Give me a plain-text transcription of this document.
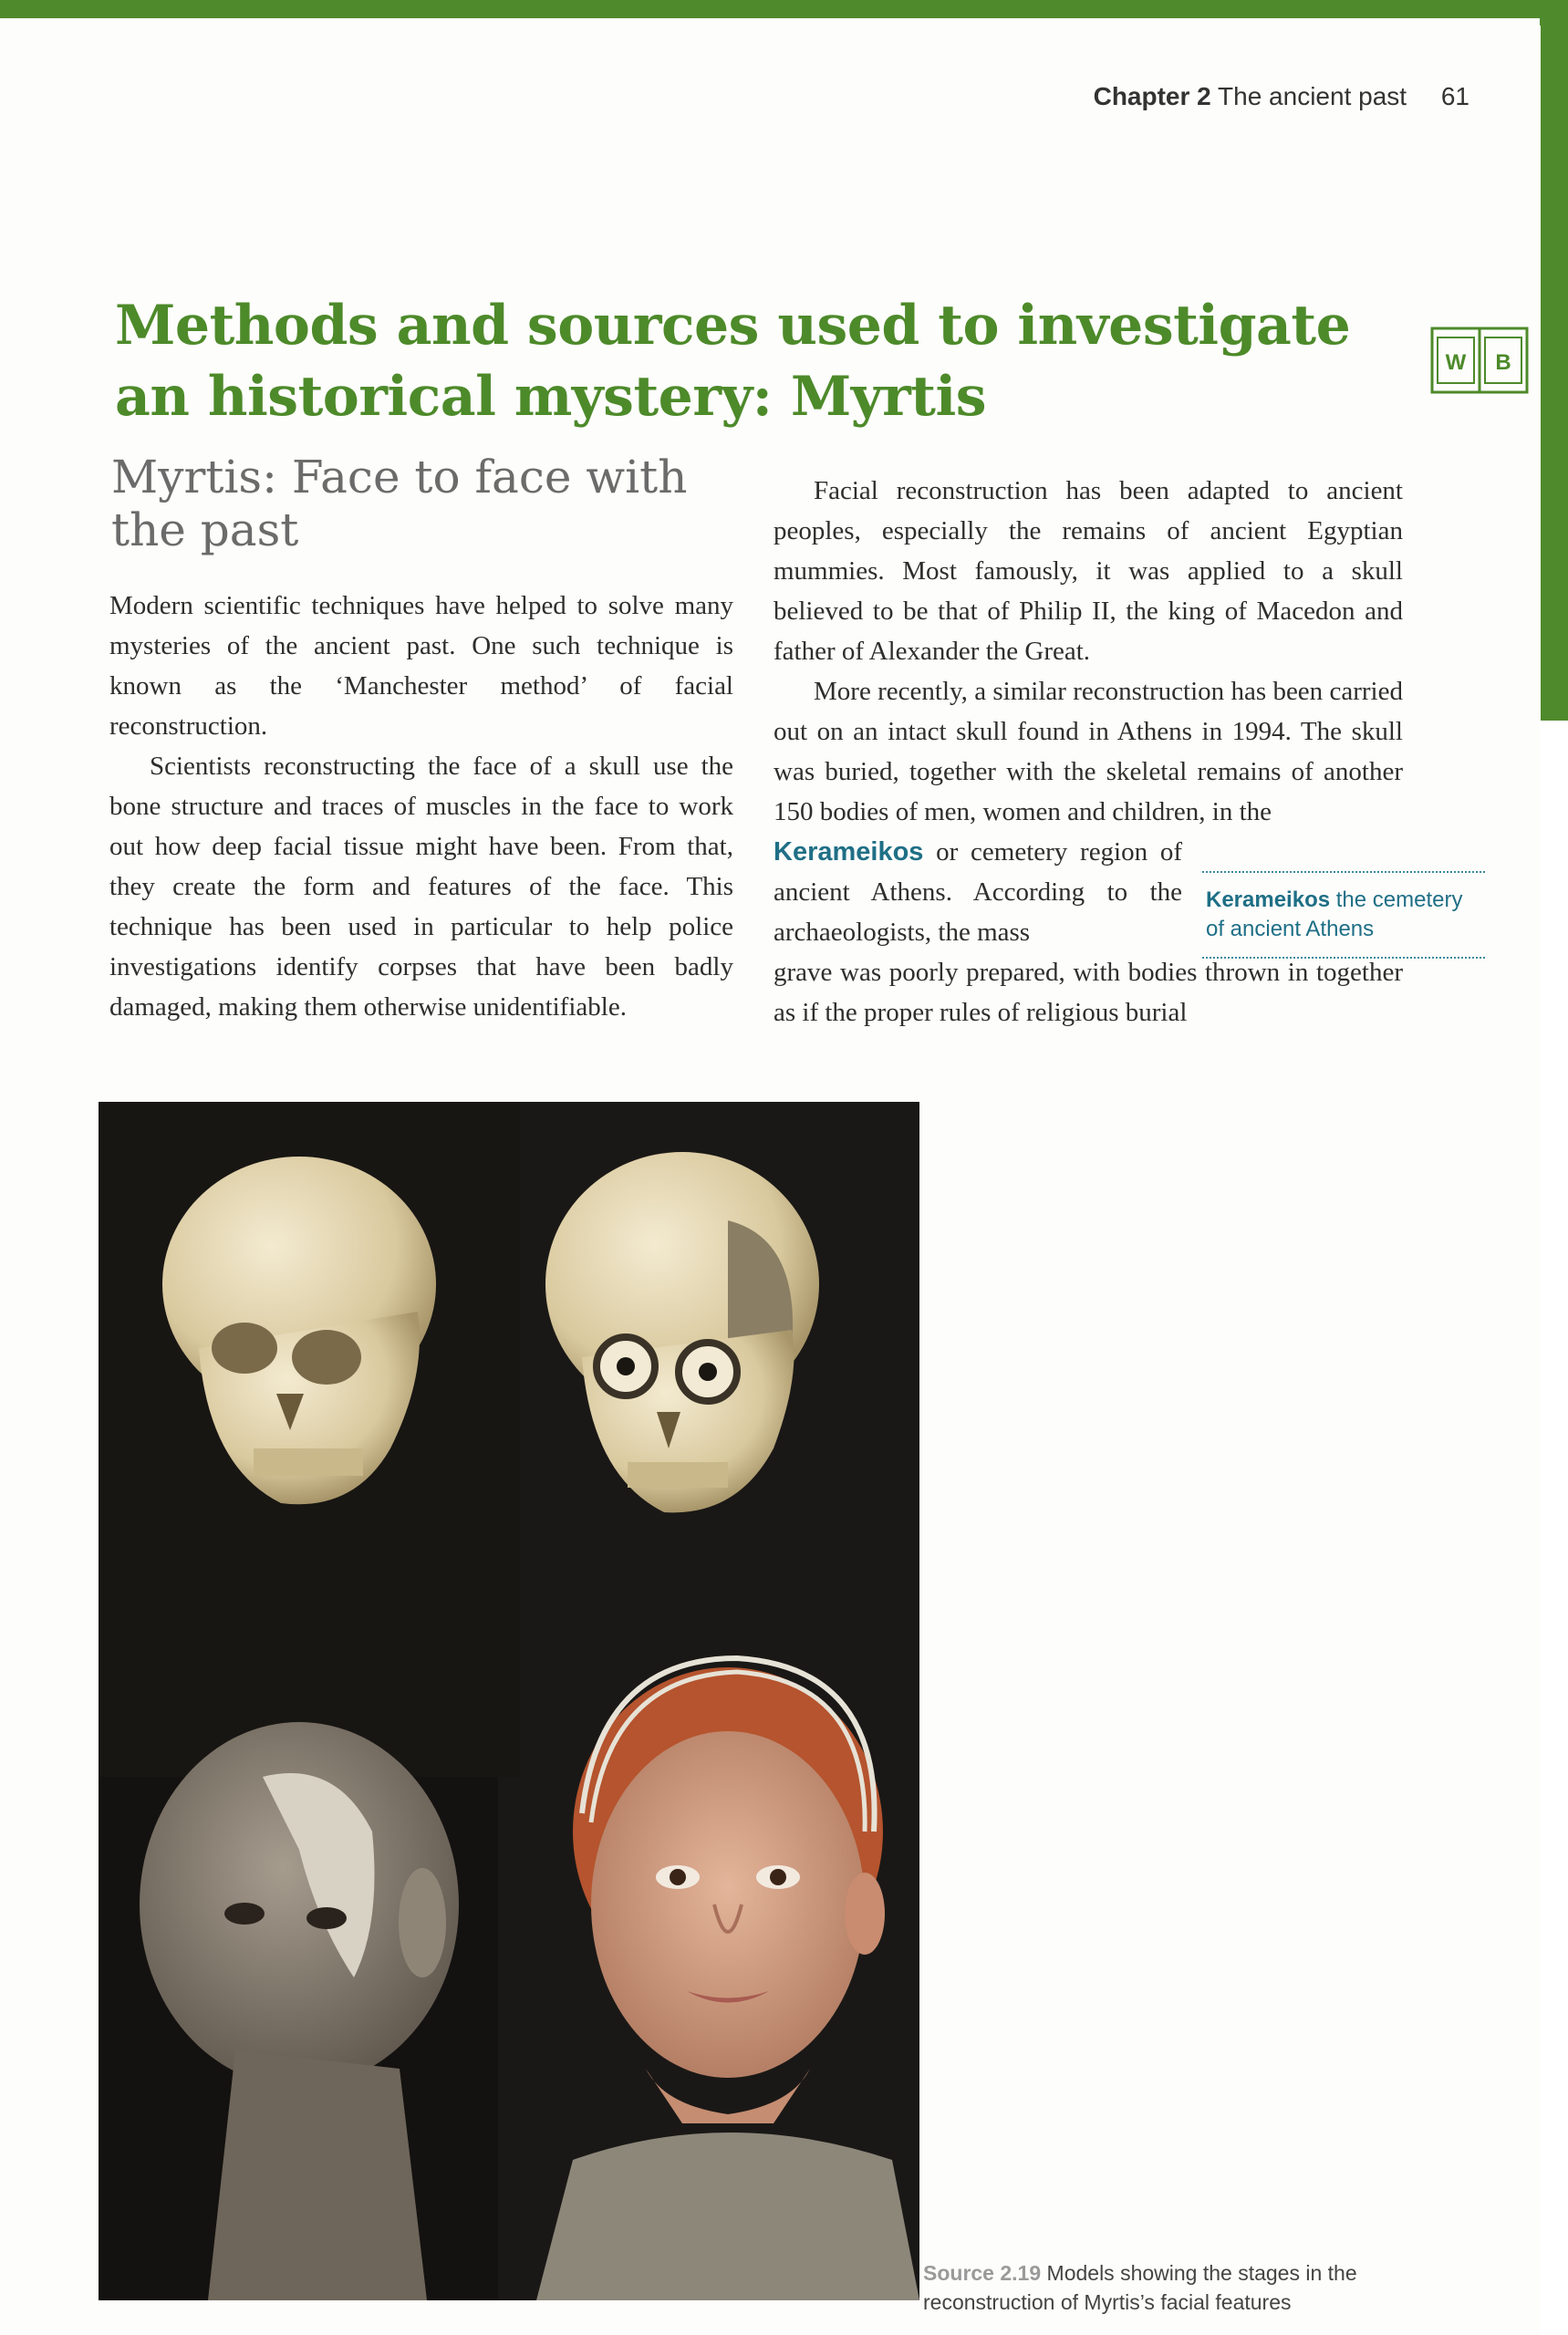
Chapter 2 The ancient past 61
Methods and sources used to investigate an historical mystery: Myrtis
W B
Myrtis: Face to face with the past

Modern scientific techniques have helped to solve many mysteries of the ancient past. One such technique is known as the ‘Manchester method’ of facial reconstruction.

Scientists reconstructing the face of a skull use the bone structure and traces of muscles in the face to work out how deep facial tissue might have been. From that, they create the form and features of the face. This technique has been used in particular to help police investigations identify corpses that have been badly damaged, making them otherwise unidentifiable.

Facial reconstruction has been adapted to ancient peoples, especially the remains of ancient Egyptian mummies. Most famously, it was applied to a skull believed to be that of Philip II, the king of Macedon and father of Alexander the Great.

More recently, a similar reconstruction has been carried out on an intact skull found in Athens in 1994. The skull was buried, together with the skeletal remains of another 150 bodies of men, women and children, in the

Kerameikos or cemetery region of ancient Athens. According to the archaeologists, the mass

grave was poorly prepared, with bodies thrown in together as if the proper rules of religious burial

Kerameikos the cemetery of ancient Athens
Source 2.19 Models showing the stages in the reconstruction of Myrtis’s facial features
